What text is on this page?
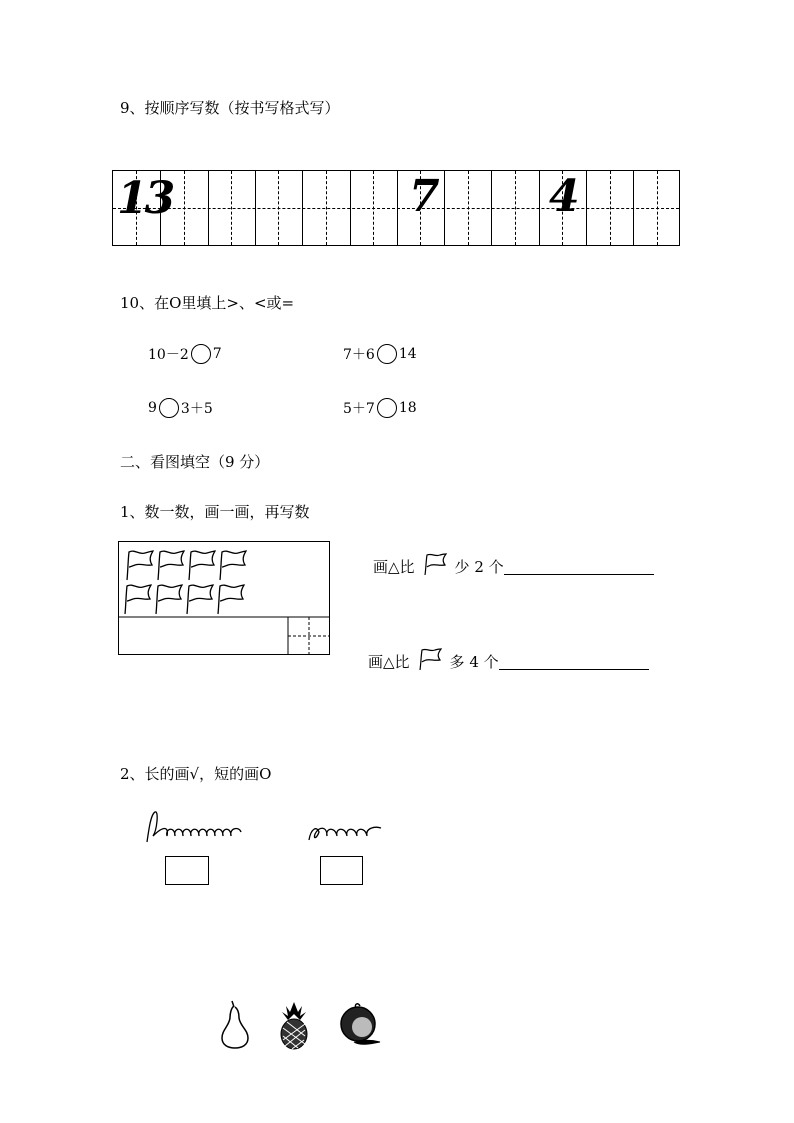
9、按顺序写数（按书写格式写）
13	7 4
10、在O里填上>、<或=
10－2 7	7＋6 14
9 3＋5	5＋7 18
二、看图填空（9 分）
1、数一数，画一画，再写数
画△比	少 2 个
画△比	多 4 个
2、长的画√，短的画O
